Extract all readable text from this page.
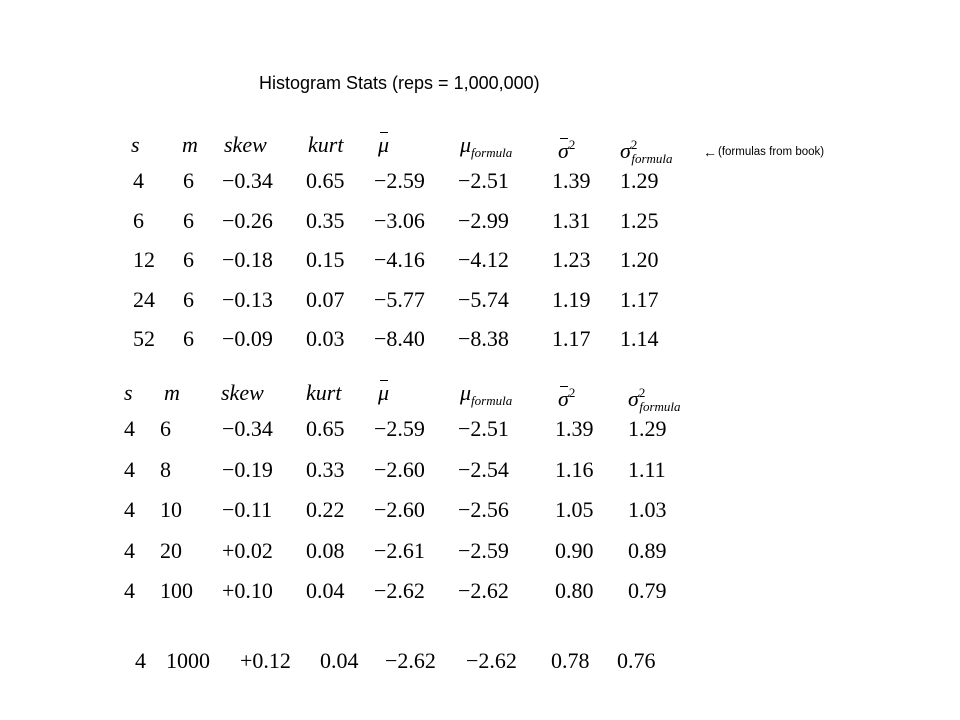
Histogram Stats (reps = 1,000,000)
← (formulas from book)
s m skew kurt μ	$\mu_{formula}$ $\sigma^2$ $\sigma^2_{formula}$
4 6 −0.34 0.65 −2.59 −2.51 1.39 1.29
6 6 −0.26 0.35 −3.06 −2.99 1.31 1.25
12 6 −0.18 0.15 −4.16 −4.12 1.23 1.20
24 6 −0.13 0.07 −5.77 −5.74 1.19 1.17
52 6 −0.09 0.03 −8.40 −8.38 1.17 1.14
s m skew kurt μ	$\mu_{formula}$ $\sigma^2$ $\sigma^2_{formula}$
4 6 −0.34 0.65 −2.59 −2.51 1.39 1.29
4 8 −0.19 0.33 −2.60 −2.54 1.16 1.11
4 10 −0.11 0.22 −2.60 −2.56 1.05 1.03
4 20 +0.02 0.08 −2.61 −2.59 0.90 0.89
4 100 +0.10 0.04 −2.62 −2.62 0.80 0.79
4 1000 +0.12 0.04 −2.62 −2.62 0.78 0.76
